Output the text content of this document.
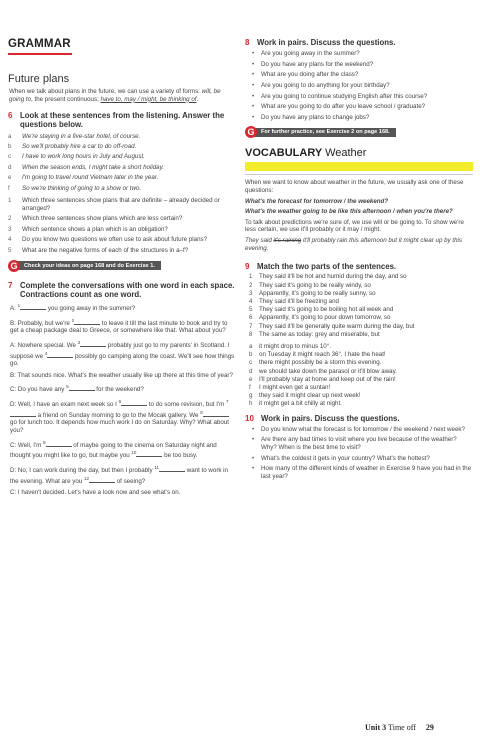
GRAMMAR
Future plans
When we talk about plans in the future, we can use a variety of forms: will, be going to, the present continuous; have to, may / might, be thinking of.
6 Look at these sentences from the listening. Answer the questions below.
a We're staying in a five-star hotel, of course.
b So we'll probably hire a car to do off-road.
c I have to work long hours in July and August.
d When the season ends, I might take a short holiday.
e I'm going to travel round Vietnam later in the year.
f So we're thinking of going to a show or two.
1 Which three sentences show plans that are definite – already decided or arranged?
2 Which three sentences show plans which are less certain?
3 Which sentence shows a plan which is an obligation?
4 Do you know two questions we often use to ask about future plans?
5 What are the negative forms of each of the structures in a–f?
G	Check your ideas on page 168 and do Exercise 1.
7 Complete the conversations with one word in each space. Contractions count as one word.
A: $^1$	you going away in the summer?
B: Probably, but we're $^2$	to leave it till the last minute to book and try to get a cheap package deal to Greece, or somewhere like that. What about you?
A: Nowhere special. We $^3$	probably just go to my parents' in Scotland. I suppose we $^4$	possibly go camping along the coast. We'll see how things go.
B: That sounds nice. What's the weather usually like up there at this time of year?
C: Do you have any $^5$	for the weekend?
D: Well, I have an exam next week so I $^6$	to do some revision, but I'm $^7$ a friend on Sunday morning to go to the Mocak gallery. We $^8$ go for lunch too. It depends how much work I do on Saturday. Why? What about you?
C: Well, I'm $^9$	of maybe going to the cinema on Saturday night and thought you might like to go, but maybe you $^{10}$	be too busy.
D: No, I can work during the day, but then I probably $^{11}$	want to work in the evening. What are you $^{12}$	of seeing?
C: I haven't decided. Let's have a look now and see what's on.
8 Work in pairs. Discuss the questions.
• Are you going away in the summer?
• Do you have any plans for the weekend?
• What are you doing after the class?
• Are you going to do anything for your birthday?
• Are you going to continue studying English after this course?
• What are you going to do after you leave school / graduate?
• Do you have any plans to change jobs?
G	For further practice, see Exercise 2 on page 168.
VOCABULARY Weather

When we want to know about weather in the future, we usually ask one of these questions:

What's the forecast for tomorrow / the weekend?

What's the weather going to be like this afternoon / when you're there?

To talk about predictions we're sure of, we use will or be going to. To show we're less certain, we use it'll probably or it may / might.

They said it's raining it'll probably rain this afternoon but it might clear up by this evening.

9 Match the two parts of the sentences.
1 They said it'll be hot and humid during the day, and so
2 They said it's going to be really windy, so
3 Apparently, it's going to be really sunny, so
4 They said it'll be freezing and
5 They said it's going to be boiling hot all week and
6 Apparently, it's going to pour down tomorrow, so
7 They said it'll be generally quite warm during the day, but
8 The same as today: grey and miserable, but
a it might drop to minus 10°.
b on Tuesday it might reach 36°. I hate the heat!
c there might possibly be a storm this evening.
d we should take down the parasol or it'll blow away.
e I'll probably stay at home and keep out of the rain!
f I might even get a suntan!
g they said it might clear up next week!
h it might get a bit chilly at night.
10 Work in pairs. Discuss the questions.
• Do you know what the forecast is for tomorrow / the weekend / next week?
• Are there any bad times to visit where you live because of the weather? Why? When is the best time to visit?
• What's the coldest it gets in your country? What's the hottest?
• How many of the different kinds of weather in Exercise 9 have you had in the last year?
Unit 3 Time off 29
